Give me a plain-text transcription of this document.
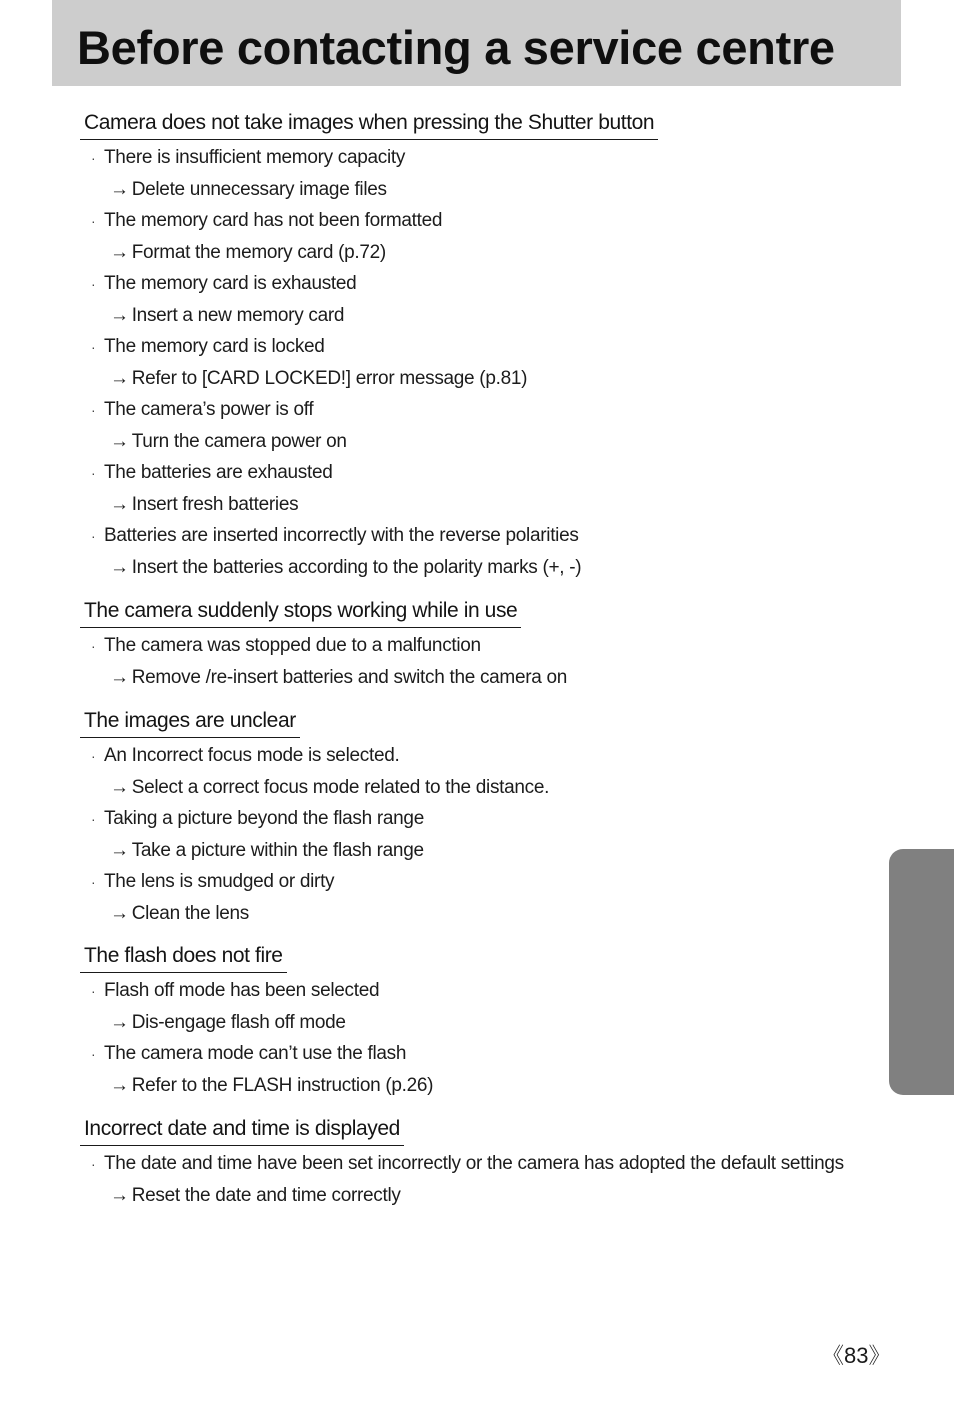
Before contacting a service centre
Camera does not take images when pressing the Shutter button
· There is insufficient memory capacity
→ Delete unnecessary image files
· The memory card has not been formatted
→ Format the memory card (p.72)
· The memory card is exhausted
→ Insert a new memory card
· The memory card is locked
→ Refer to [CARD LOCKED!] error message (p.81)
· The camera’s power is off
→ Turn the camera power on
· The batteries are exhausted
→ Insert fresh batteries
· Batteries are inserted incorrectly with the reverse polarities
→ Insert the batteries according to the polarity marks (+, -)
The camera suddenly stops working while in use
· The camera was stopped due to a malfunction
→ Remove /re-insert batteries and switch the camera on
The images are unclear
· An Incorrect focus mode is selected.
→ Select a correct focus mode related to the distance.
· Taking a picture beyond the flash range
→ Take a picture within the flash range
· The lens is smudged or dirty
→ Clean the lens
The flash does not fire
· Flash off mode has been selected
→ Dis-engage flash off mode
· The camera mode can’t use the flash
→ Refer to the FLASH instruction (p.26)
Incorrect date and time is displayed
· The date and time have been set incorrectly or the camera has adopted the default settings
→ Reset the date and time correctly
《83》
